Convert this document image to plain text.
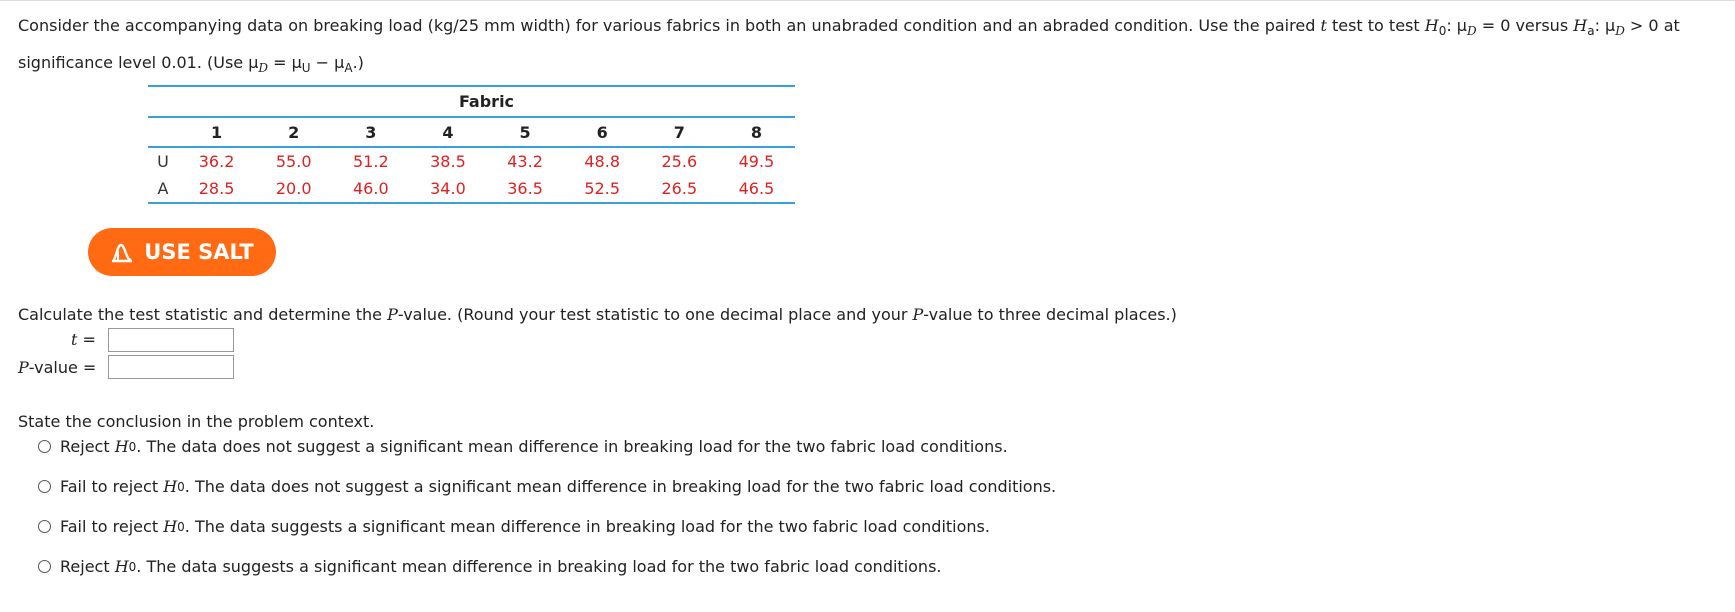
Consider the accompanying data on breaking load (kg/25 mm width) for various fabrics in both an unabraded condition and an abraded condition. Use the paired t test to test $H_0$: $\mu_D = 0$ versus $H_a$: $\mu_D > 0$ at significance level 0.01. (Use $\mu_D = \mu_U - \mu_A$.)
	Fabric							
	1	2	3	4	5	6	7	8
U	36.2	55.0	51.2	38.5	43.2	48.8	25.6	49.5
A	28.5	20.0	46.0	34.0	36.5	52.5	26.5	46.5
USE SALT
Calculate the test statistic and determine the P-value. (Round your test statistic to one decimal place and your P-value to three decimal places.)
t =
P-value =
State the conclusion in the problem context.
Reject
H 0 . The data does not suggest a significant mean difference in breaking load for the two fabric load conditions.
Fail to reject
H 0 . The data does not suggest a significant mean difference in breaking load for the two fabric load conditions.
Fail to reject
H 0 . The data suggests a significant mean difference in breaking load for the two fabric load conditions.
Reject
H 0 . The data suggests a significant mean difference in breaking load for the two fabric load conditions.
